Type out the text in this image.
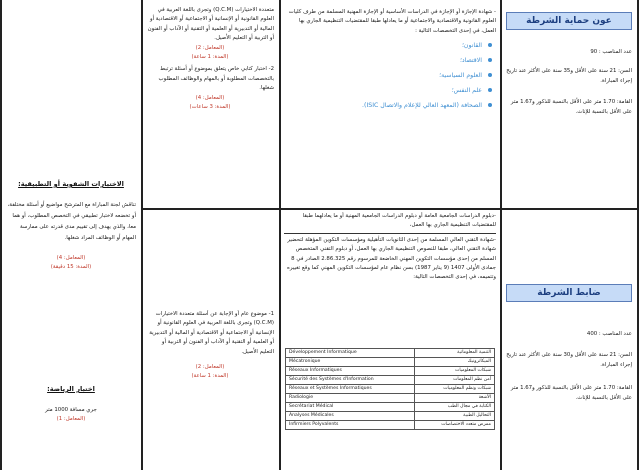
عون حماية الشرطة

عدد المناصب : 90

السن: 21 سنة على الأقل و35 سنة على الأكثر عند تاريخ إجراء المباراة.

القامة: 1.70 متر على الأقل بالنسبة للذكور و1.67 متر على الأقل بالنسبة للإناث.

ضابط الشرطة

عدد المناصب : 400

السن: 21 سنة على الأقل و30 سنة على الأكثر عند تاريخ إجراء المباراة.

القامة: 1.70 متر على الأقل بالنسبة للذكور و1.67 متر على الأقل بالنسبة للإناث.

- شهادة الإجازة أو الإجازة في الدراسات الأساسية أو الإجازة المهنية المسلمة من طرف كليات العلوم القانونية والاقتصادية والاجتماعية أو ما يعادلها طبقا للمقتضيات التنظيمية الجاري بها العمل، في إحدى التخصصات التالية :

القانون؛
الاقتصاد؛
العلوم السياسية؛
علم النفس؛
الصحافة (المعهد العالي للإعلام والاتصال ISIC).

-دبلوم الدراسات الجامعية العامة أو دبلوم الدراسات الجامعية المهنية أو ما يعادلهما طبقا للمقتضيات التنظيمية الجاري بها العمل،

-شهادة التقني العالي المسلمة من إحدى الثانويات التأهيلية ومؤسسات التكوين المؤهلة لتحضير شهادة التقني العالي، طبقا للنصوص التنظيمية الجاري بها العمل، أو دبلوم التقني المتخصص المسلم من إحدى مؤسسات التكوين المهني الخاضعة للمرسوم رقم 2.86.325 الصادر في 8 جمادى الأولى 1407 (9 يناير 1987) بسن نظام عام لمؤسسات التكوين المهني كما وقع تغييره وتتميمه، في إحدى التخصصات التالية:

Développement Informatique	التنمية المعلوماتية
Mécatronique	الميكاترونيك
Réseaux Informatiques	شبكات المعلوميات
Sécurité des Systèmes d'Information	أمن نظم المعلومات
Réseaux et Systèmes Informatiques	شبكات ونظم المعلوميات
Radiologie	الأشعة
Secrétariat Médical	الكتابة في مجال الطب
Analyses Médicales	التحاليل الطبية
Infirmiers Polyvalents	ممرض متعدد الاختصاصات

متعددة الاختيارات (Q.C.M) وتجرى باللغة العربية في العلوم القانونية أو الإنسانية أو الاجتماعية أو الاقتصادية أو المالية أو التدبيرية أو العلمية أو التقنية أو الآداب أو الفنون أو التربية أو التعليم الأصيل.

(المعامل: 2)

(المدة: 1 ساعة)

2- اختبار كتابي خاص يتعلق بموضوع أو أسئلة ترتبط بالتخصصات المطلوبة أو بالمهام والوظائف المطلوب شغلها.

(المعامل: 4)

(المدة: 3 ساعات)

1- موضوع عام أو الإجابة عن أسئلة متعددة الاختيارات (Q.C.M) وتجرى باللغة العربية في العلوم القانونية أو الإنسانية أو الاجتماعية أو الاقتصادية أو المالية أو التدبيرية أو العلمية أو التقنية أو الآداب أو الفنون أو التربية أو التعليم الأصيل.

(المعامل: 2)

(المدة: 1 ساعة)

الاختبارات الشفوية أو التطبيقية:

تناقش لجنة المباراة مع المترشح مواضيع أو أسئلة مختلفة، أو تخضعه لاختبار تطبيقي في التخصص المطلوب، أو هما معا، والذي يهدف إلى تقييم مدى قدرته على ممارسة المهام أو الوظائف المراد شغلها.

(المعامل: 4)

(المدة: 15 دقيقة)

اختبار الرياضة:

جري مسافة 1000 متر

(المعامل: 1)
